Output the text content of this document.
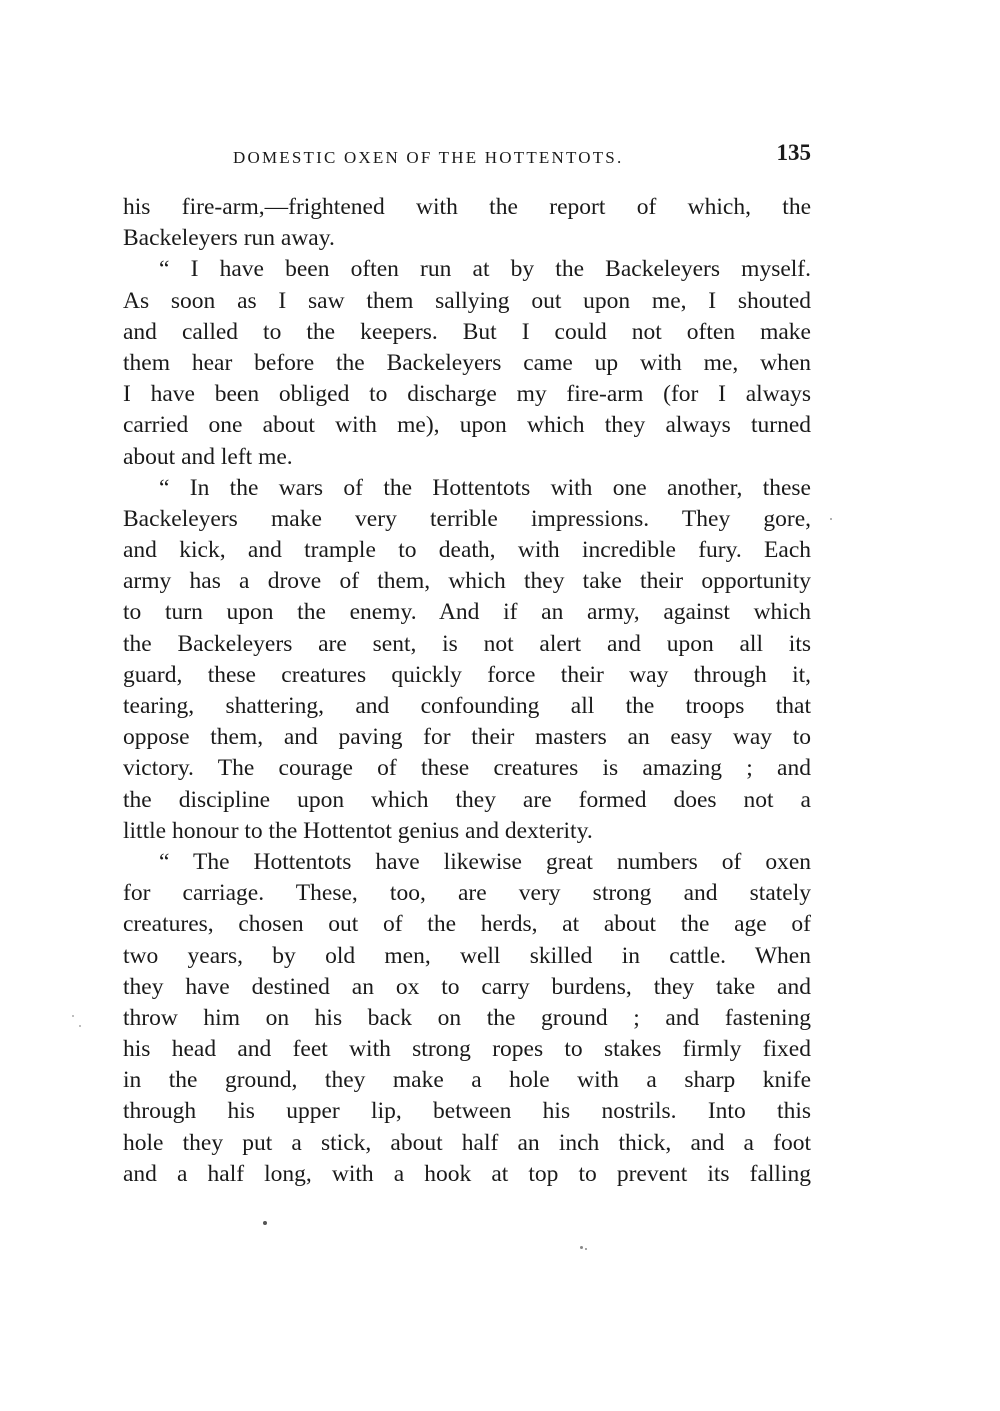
DOMESTIC OXEN OF THE HOTTENTOTS.	135
his fire-arm,—frightened with the report of which, the
Backeleyers run away.
“ I have been often run at by the Backeleyers myself.
As soon as I saw them sallying out upon me, I shouted
and called to the keepers. But I could not often make
them hear before the Backeleyers came up with me, when
I have been obliged to discharge my fire-arm (for I always
carried one about with me), upon which they always turned
about and left me.
“ In the wars of the Hottentots with one another, these
Backeleyers make very terrible impressions. They gore,
and kick, and trample to death, with incredible fury. Each
army has a drove of them, which they take their opportunity
to turn upon the enemy. And if an army, against which
the Backeleyers are sent, is not alert and upon all its
guard, these creatures quickly force their way through it,
tearing, shattering, and confounding all the troops that
oppose them, and paving for their masters an easy way to
victory. The courage of these creatures is amazing ; and
the discipline upon which they are formed does not a
little honour to the Hottentot genius and dexterity.
“ The Hottentots have likewise great numbers of oxen
for carriage. These, too, are very strong and stately
creatures, chosen out of the herds, at about the age of
two years, by old men, well skilled in cattle. When
they have destined an ox to carry burdens, they take and
throw him on his back on the ground ; and fastening
his head and feet with strong ropes to stakes firmly fixed
in the ground, they make a hole with a sharp knife
through his upper lip, between his nostrils. Into this
hole they put a stick, about half an inch thick, and a foot
and a half long, with a hook at top to prevent its falling
